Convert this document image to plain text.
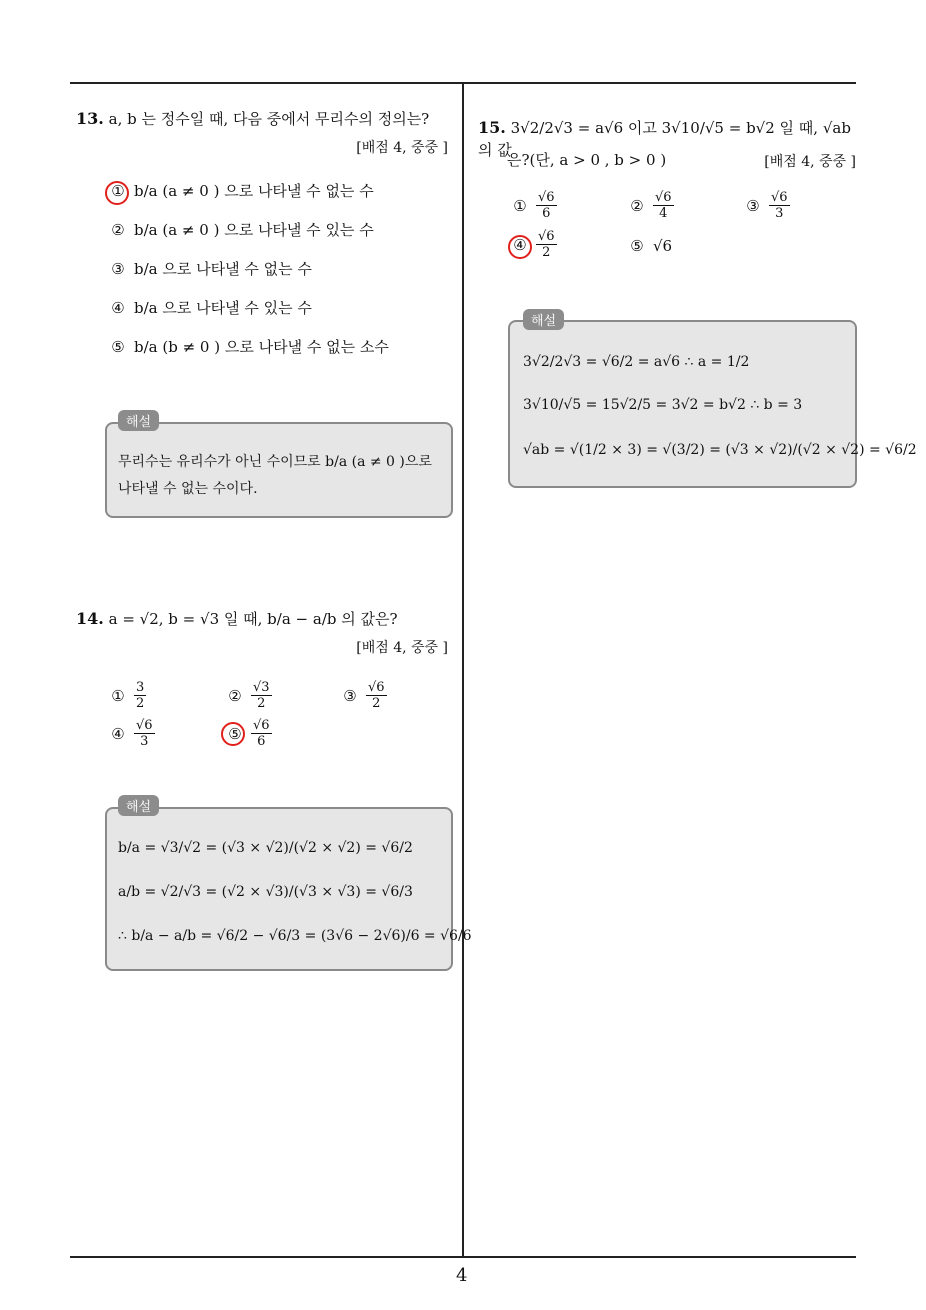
4
13. a, b 는 정수일 때, 다음 중에서 무리수의 정의는?
[배점 4, 중중 ]
① b/a (a ≠ 0 ) 으로 나타낼 수 없는 수
② b/a (a ≠ 0 ) 으로 나타낼 수 있는 수
③ b/a 으로 나타낼 수 없는 수
④ b/a 으로 나타낼 수 있는 수
⑤ b/a (b ≠ 0 ) 으로 나타낼 수 없는 소수
해설
무리수는 유리수가 아닌 수이므로 b/a (a ≠ 0 )으로
나타낼 수 없는 수이다.
14. a = √2, b = √3 일 때, b/a − a/b 의 값은?
[배점 4, 중중 ]
① $\frac{3}{2}$	② $\frac{√3}{2}$	③ $\frac{√6}{2}$
④ $\frac{√6}{3}$	⑤ $\frac{√6}{6}$
해설
b/a = √3/√2 = (√3 × √2)/(√2 × √2) = √6/2
a/b = √2/√3 = (√2 × √3)/(√3 × √3) = √6/3
∴ b/a − a/b = √6/2 − √6/3 = (3√6 − 2√6)/6 = √6/6
15. 3√2/2√3 = a√6 이고 3√10/√5 = b√2 일 때, √ab 의 값
은?(단, a > 0 , b > 0 )	[배점 4, 중중 ]
① $\frac{√6}{6}$	② $\frac{√6}{4}$	③ $\frac{√6}{3}$
④ $\frac{√6}{2}$	⑤ √6
해설
3√2/2√3 = √6/2 = a√6 ∴ a = 1/2
3√10/√5 = 15√2/5 = 3√2 = b√2 ∴ b = 3
√ab = √(1/2 × 3) = √(3/2) = (√3 × √2)/(√2 × √2) = √6/2
